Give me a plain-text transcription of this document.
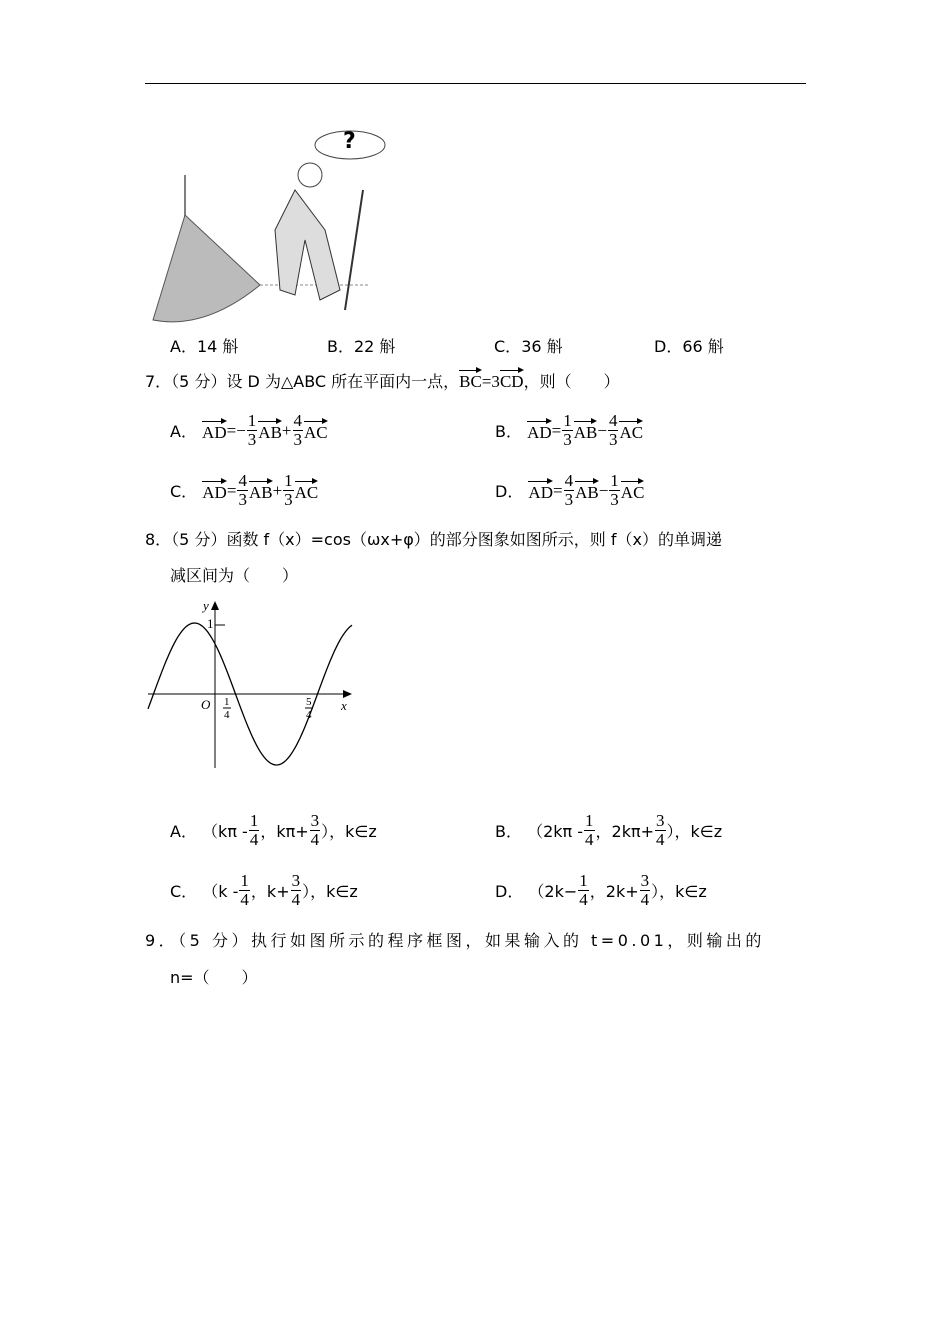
?
A．14 斛	B．22 斛	C．36 斛	D．66 斛
7．（5 分）设 D 为△ABC 所在平面内一点，BC=3CD，则（　　）
A．
AD = − $\frac{1}{3}$ AB + $\frac{4}{3}$ AC	B．
AD = $\frac{1}{3}$ AB − $\frac{4}{3}$ AC
C．
AD = $\frac{4}{3}$ AB + $\frac{1}{3}$ AC	D．
AD = $\frac{4}{3}$ AB − $\frac{1}{3}$ AC
8．（5 分）函数 f（x）=cos（ωx+φ）的部分图象如图所示，则 f（x）的单调递
减区间为（　　）
y
x
O
1
1
4
5
4
A．
（$k\pi - \frac{1}{4}$ ，$k\pi+ \frac{3}{4}$ ），k∈z	B．
（$2k\pi - \frac{1}{4}$ ，$2k\pi+ \frac{3}{4}$ ），k∈z
C．
（$k - \frac{1}{4}$ ，$k+ \frac{3}{4}$ ），k∈z	D．
（$2k- \frac{1}{4}$ ，$2k+ \frac{3}{4}$ ），k∈z
9．（5 分）执行如图所示的程序框图，如果输入的 t=0.01，则输出的
n=（　　）
